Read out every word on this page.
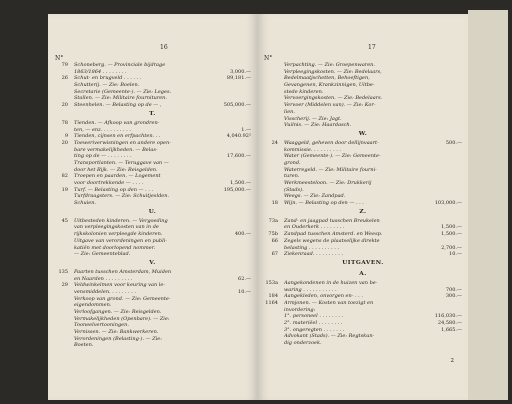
16
N°
79 Schoneberg. — Provinciale bijdrage
1863/1864 . . . . . . . .	3,000.—
26 Schut- en brugveld . . . . . .	89,181.—
Schutterij. — Zie: Boelen.
Secretarie (Gemeente-). — Zie: Leges.
Stallen. — Zie: Militaire fournituren.
20 Steenhelen. — Belasting op de — ,	505,000.—
T.
78 Tienden. — Afkoop van grondren-
ten, — enz. . . . . . . . . .	1.—
9 Tienden, cijnsen en erfpachten. . .	4,040.92²
20 Toeweriverwisningen en andere open-
bare vermakelijkheden. — Belas-
ting op de — . . . . . . . .	17,600.—
Transportlanten. — Teruggave van —
door het Rijk. — Zie: Reisgelden.
82 Troepen en paarden. — Logement
voor doortrekkende — . . . .	1,500.—
19 Turf. — Belasting op den — . . .	195,000.—
Turfdraagsters. — Zie: Schuitjeslden.
Schuien.
U.
45 Uitbesteden kinderen. — Vergoeding
van verpleegingskosten van in de
rijkskolonien verpleegde kinderen.	400.—
Uitgave van verordeningen en publi-
katiën met doorlopend nommer.
— Zie: Gemeenteblad.
V.
135 Paarten tusschen Amsterdam, Muiden
en Naarden . . . . . . . . .	62.—
29 Veldwinkelmen voor keuring van le-
vensmiddelen. . . . . . . . .	10.—
Verkoop van grond. — Zie: Gemeente-
eigendommen.
Verloofgangen. — Zie: Reisgelden.
Vermakelijkheden (Openbare). — Zie:
Tooneelvertooningen.
Vernissen. — Zie: Bankwerkeren.
Verordeningen (Belasting-). — Zie:
Boeten.
17
N°
Verpachting. — Zie: Groepenwaren.
Verpleegingskosten. — Zie: Bedelaars,
Bedelmaatjschetten, Behoeftigen,
Gevangenen, Krankzinnigen, Uitbe-
stede kinderen.
Vervoergingskosten. — Zie: Bedelaars.
Vervoer (Middelen van). — Zie: Kor-
lien.
Visscherij. — Zie: Jagt.
Vuilnis. — Zie: Haardasch.
W.
24 Waaggeld, geheven door dellijnvaart-	500.—
kommissie. . . . . . . . . .
Water (Gemeente-). — Zie: Gemeente-
grond.
Waterregeld. — Zie: Militaire fourni-
turen.
Werkmeesteloon. — Zie: Drukkerij
(Stads).
Weegs. — Zie: Zandpad.
18 Wijn. — Belasting op den — . . .	103,000.—
Z.
73a Zand- en jaagpad tusschen Breukelen
en Ouderkerk . . . . . . . .	1,500.—
75b Zandpad tusschen Amsterd. en Weesp.	1,500.—
66 Zegels wegens de plaatselijke direkte
belasting . . . . . . . . . .	2,700.—
67 Ziekenraad. . . . . . . . . .	10.—
UITGAVEN.
A.
153a Aangekondenen in de huizen van be-
waring . . . . . . . . . . .	700.—
184 Aangekleden, onvorgen en- . . .	300.—
1164 Armjonen. — Kosten van toezigt en
invordering:
1°. personeel . . . . . . . .	116,030.—
2°. materiëel . . . . . . . .	24,580.—
3°. ongeregten . . . . . . .	1,665.—
Advokant (Stads). — Zie: Regtskun-
dig onderzoek.
2
